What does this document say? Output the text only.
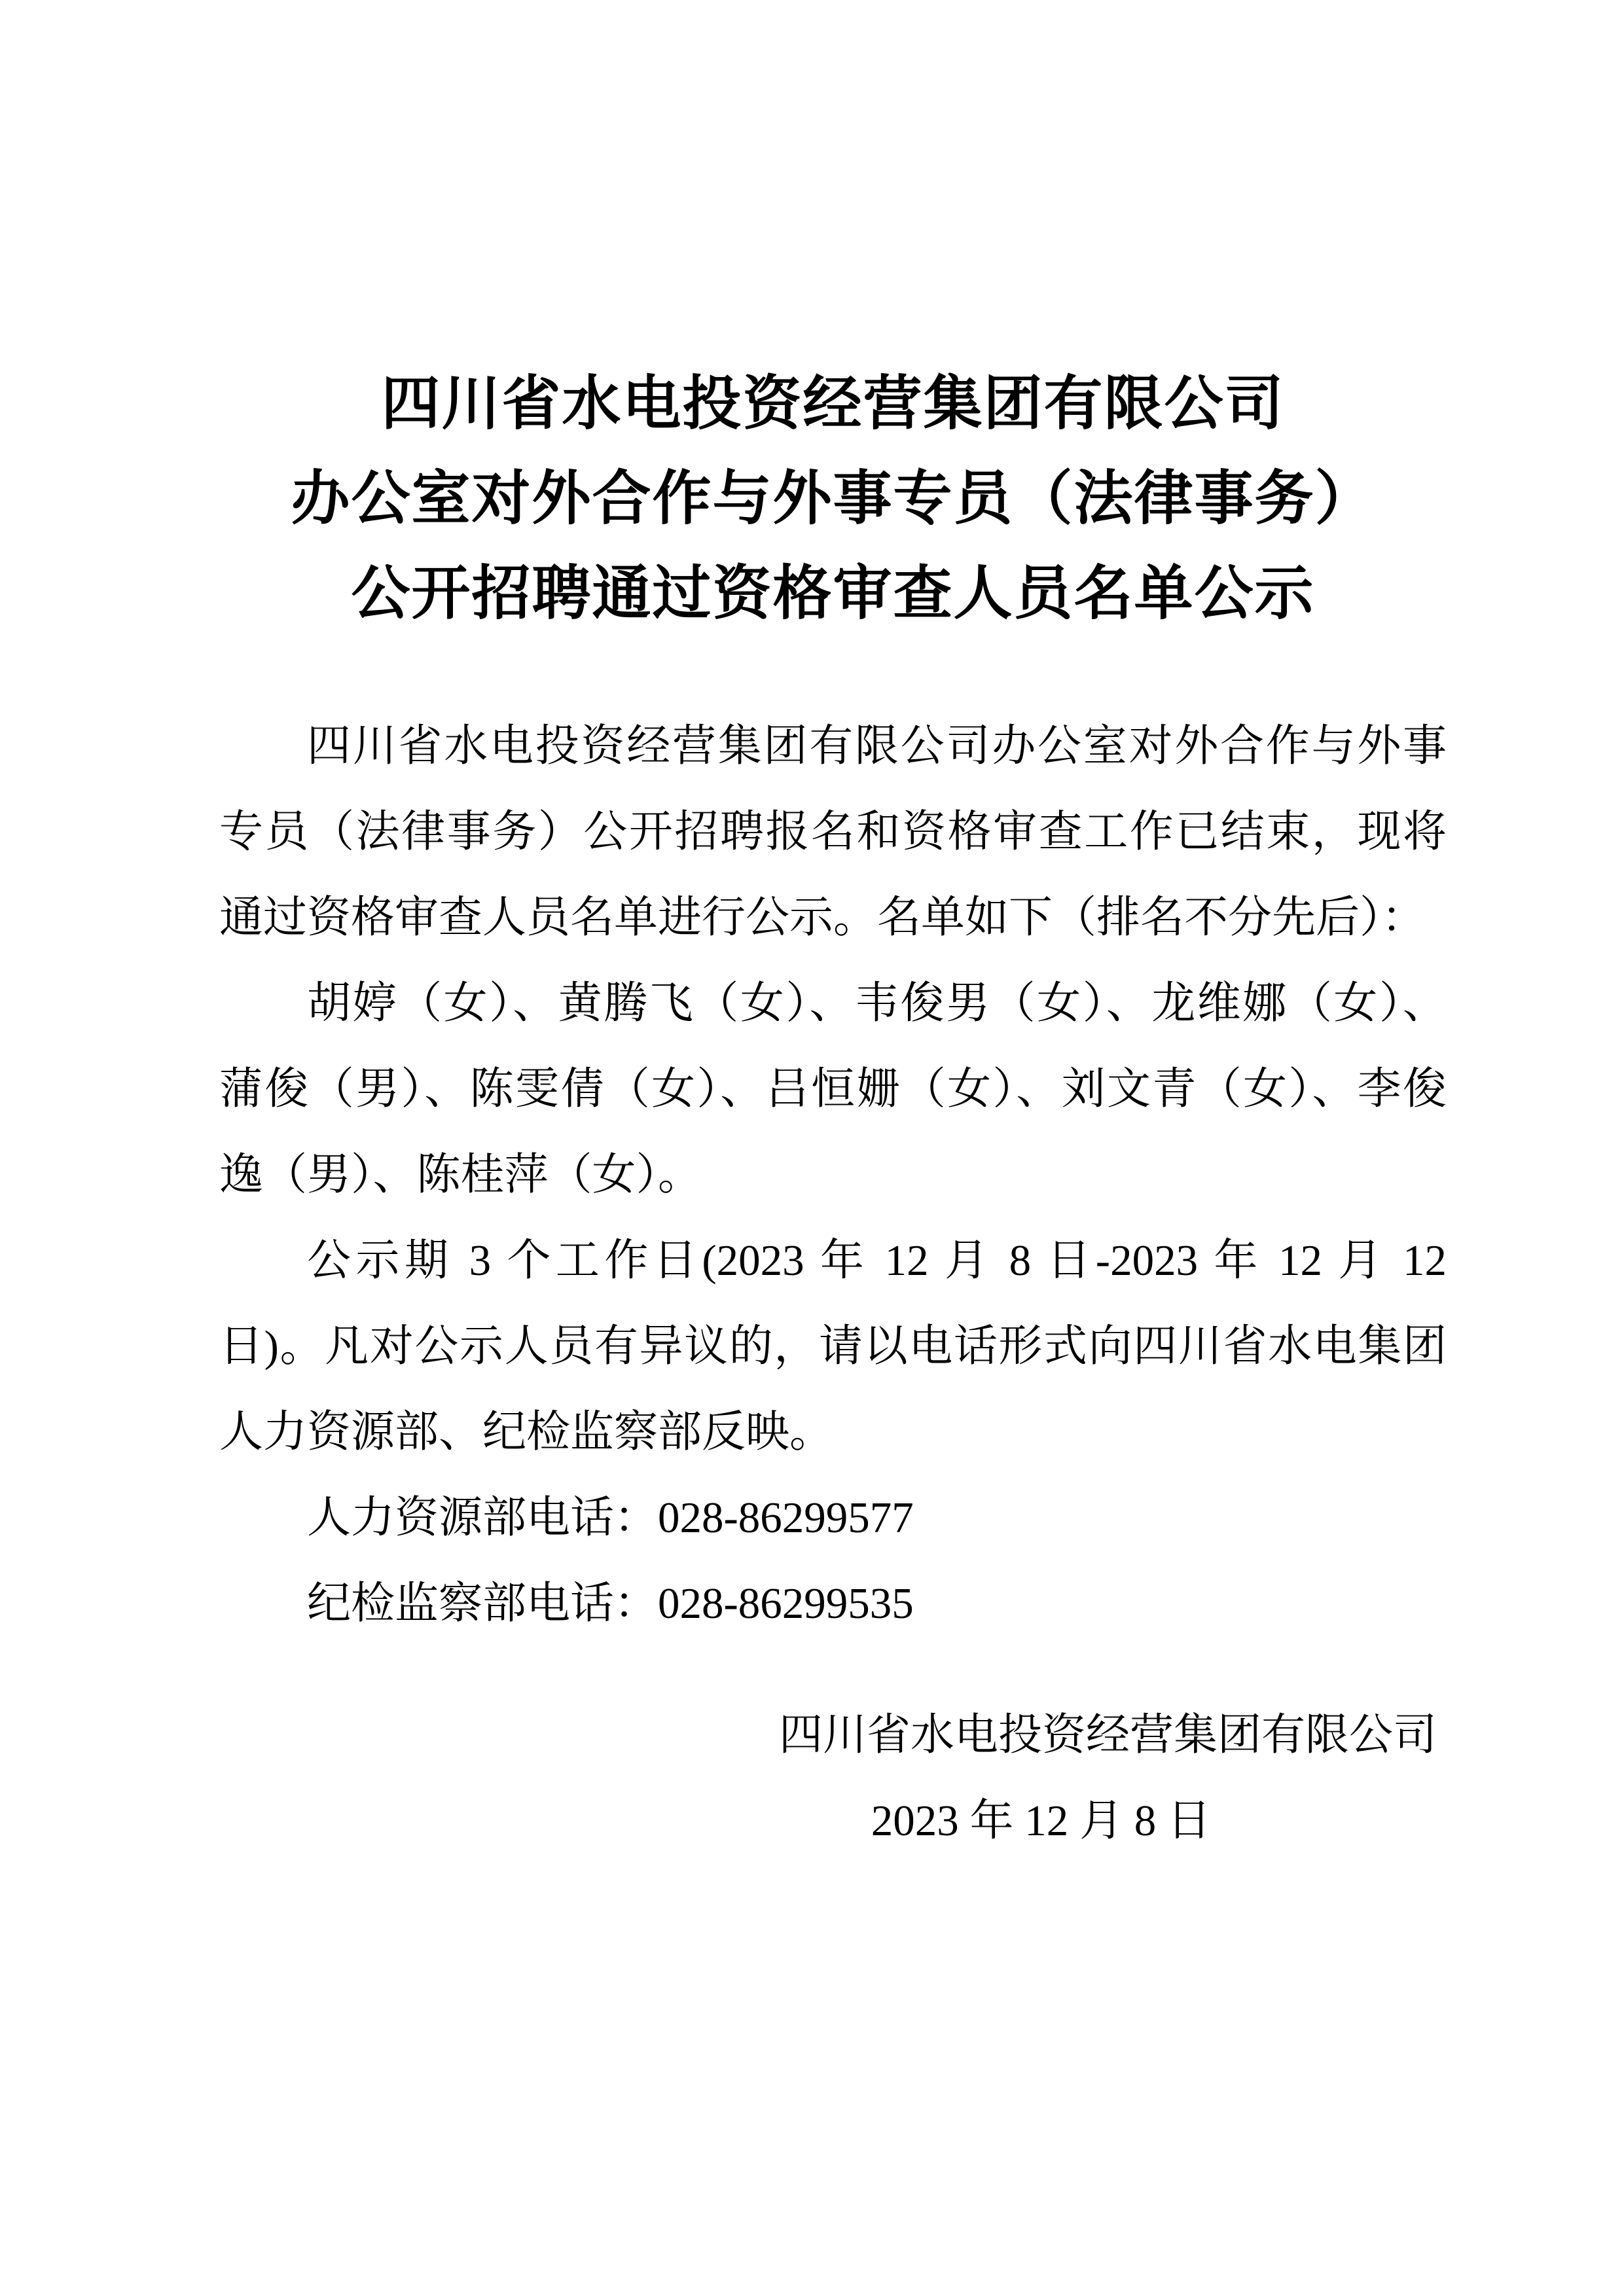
四川省水电投资经营集团有限公司
办公室对外合作与外事专员（法律事务）
公开招聘通过资格审查人员名单公示

四川省水电投资经营集团有限公司办公室对外合作与外事专员（法律事务）公开招聘报名和资格审查工作已结束，现将通过资格审查人员名单进行公示。名单如下（排名不分先后）：

胡婷（女）、黄腾飞（女）、韦俊男（女）、龙维娜（女）、蒲俊（男）、陈雯倩（女）、吕恒姗（女）、刘文青（女）、李俊逸（男）、陈桂萍（女）。

公示期 3 个工作日(2023 年 12 月 8 日-2023 年 12 月 12 日)。凡对公示人员有异议的，请以电话形式向四川省水电集团人力资源部、纪检监察部反映。

人力资源部电话：028-86299577

纪检监察部电话：028-86299535

四川省水电投资经营集团有限公司
2023 年 12 月 8 日
